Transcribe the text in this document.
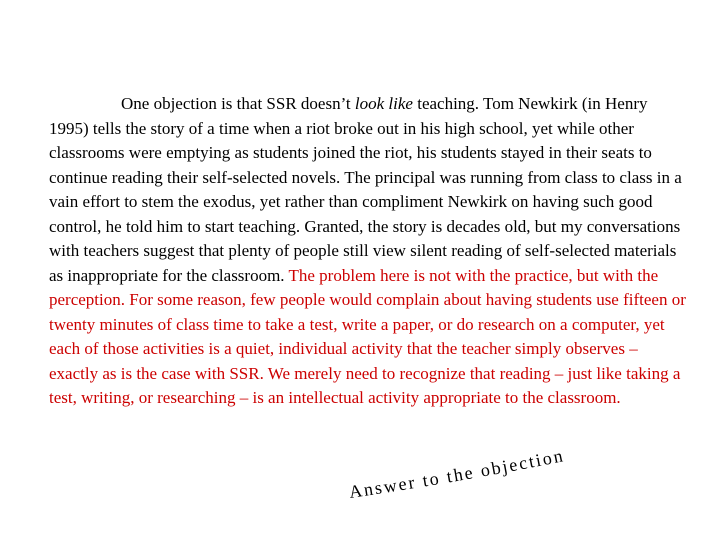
One objection is that SSR doesn’t look like teaching. Tom Newkirk (in Henry 1995) tells the story of a time when a riot broke out in his high school, yet while other classrooms were emptying as students joined the riot, his students stayed in their seats to continue reading their self-selected novels. The principal was running from class to class in a vain effort to stem the exodus, yet rather than compliment Newkirk on having such good control, he told him to start teaching. Granted, the story is decades old, but my conversations with teachers suggest that plenty of people still view silent reading of self-selected materials as inappropriate for the classroom. The problem here is not with the practice, but with the perception. For some reason, few people would complain about having students use fifteen or twenty minutes of class time to take a test, write a paper, or do research on a computer, yet each of those activities is a quiet, individual activity that the teacher simply observes – exactly as is the case with SSR. We merely need to recognize that reading – just like taking a test, writing, or researching – is an intellectual activity appropriate to the classroom.

Answer to the objection
